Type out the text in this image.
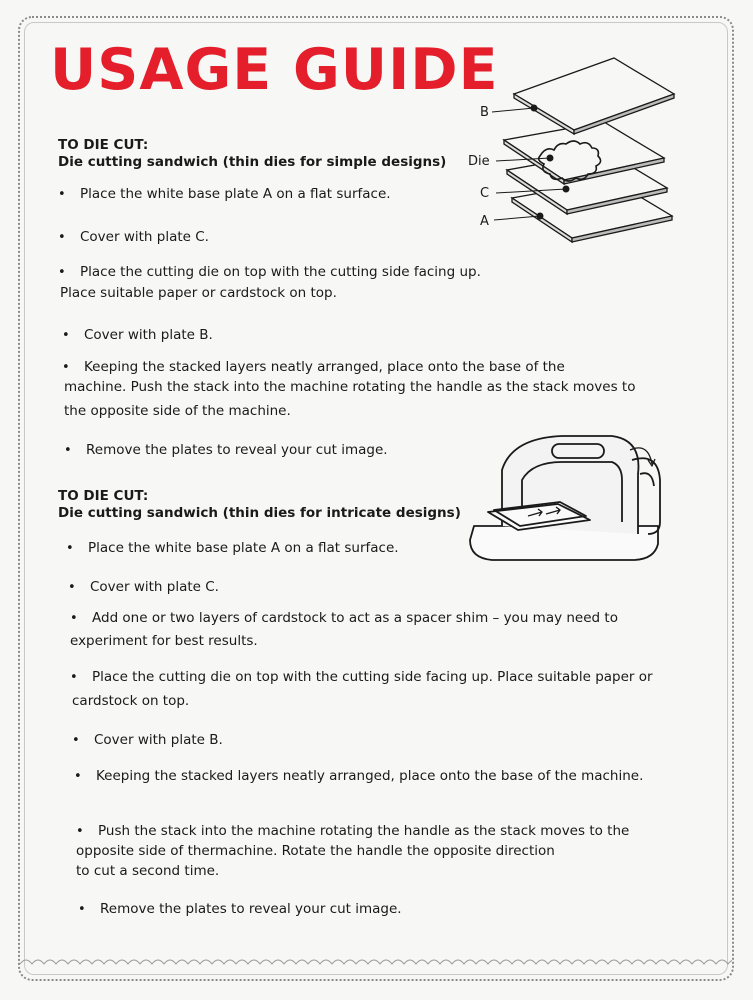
USAGE GUIDE
TO DIE CUT:
Die cutting sandwich (thin dies for simple designs)
•	Place the white base plate A on a flat surface.
•	Cover with plate C.
•	Place the cutting die on top with the cutting side facing up.
Place suitable paper or cardstock on top.
•	Cover with plate B.
•	Keeping the stacked layers neatly arranged, place onto the base of the
machine. Push the stack into the machine rotating the handle as the stack moves to
the opposite side of the machine.
•	Remove the plates to reveal your cut image.
TO DIE CUT:
Die cutting sandwich (thin dies for intricate designs)
•	Place the white base plate A on a flat surface.
•	Cover with plate C.
•	Add one or two layers of cardstock to act as a spacer shim – you may need to
experiment for best results.
•	Place the cutting die on top with the cutting side facing up. Place suitable paper or
cardstock on top.
•	Cover with plate B.
•	Keeping the stacked layers neatly arranged, place onto the base of the machine.
•	Push the stack into the machine rotating the handle as the stack moves to the
opposite side of thermachine. Rotate the handle the opposite direction
to cut a second time.
•	Remove the plates to reveal your cut image.
B
Die
C
A
